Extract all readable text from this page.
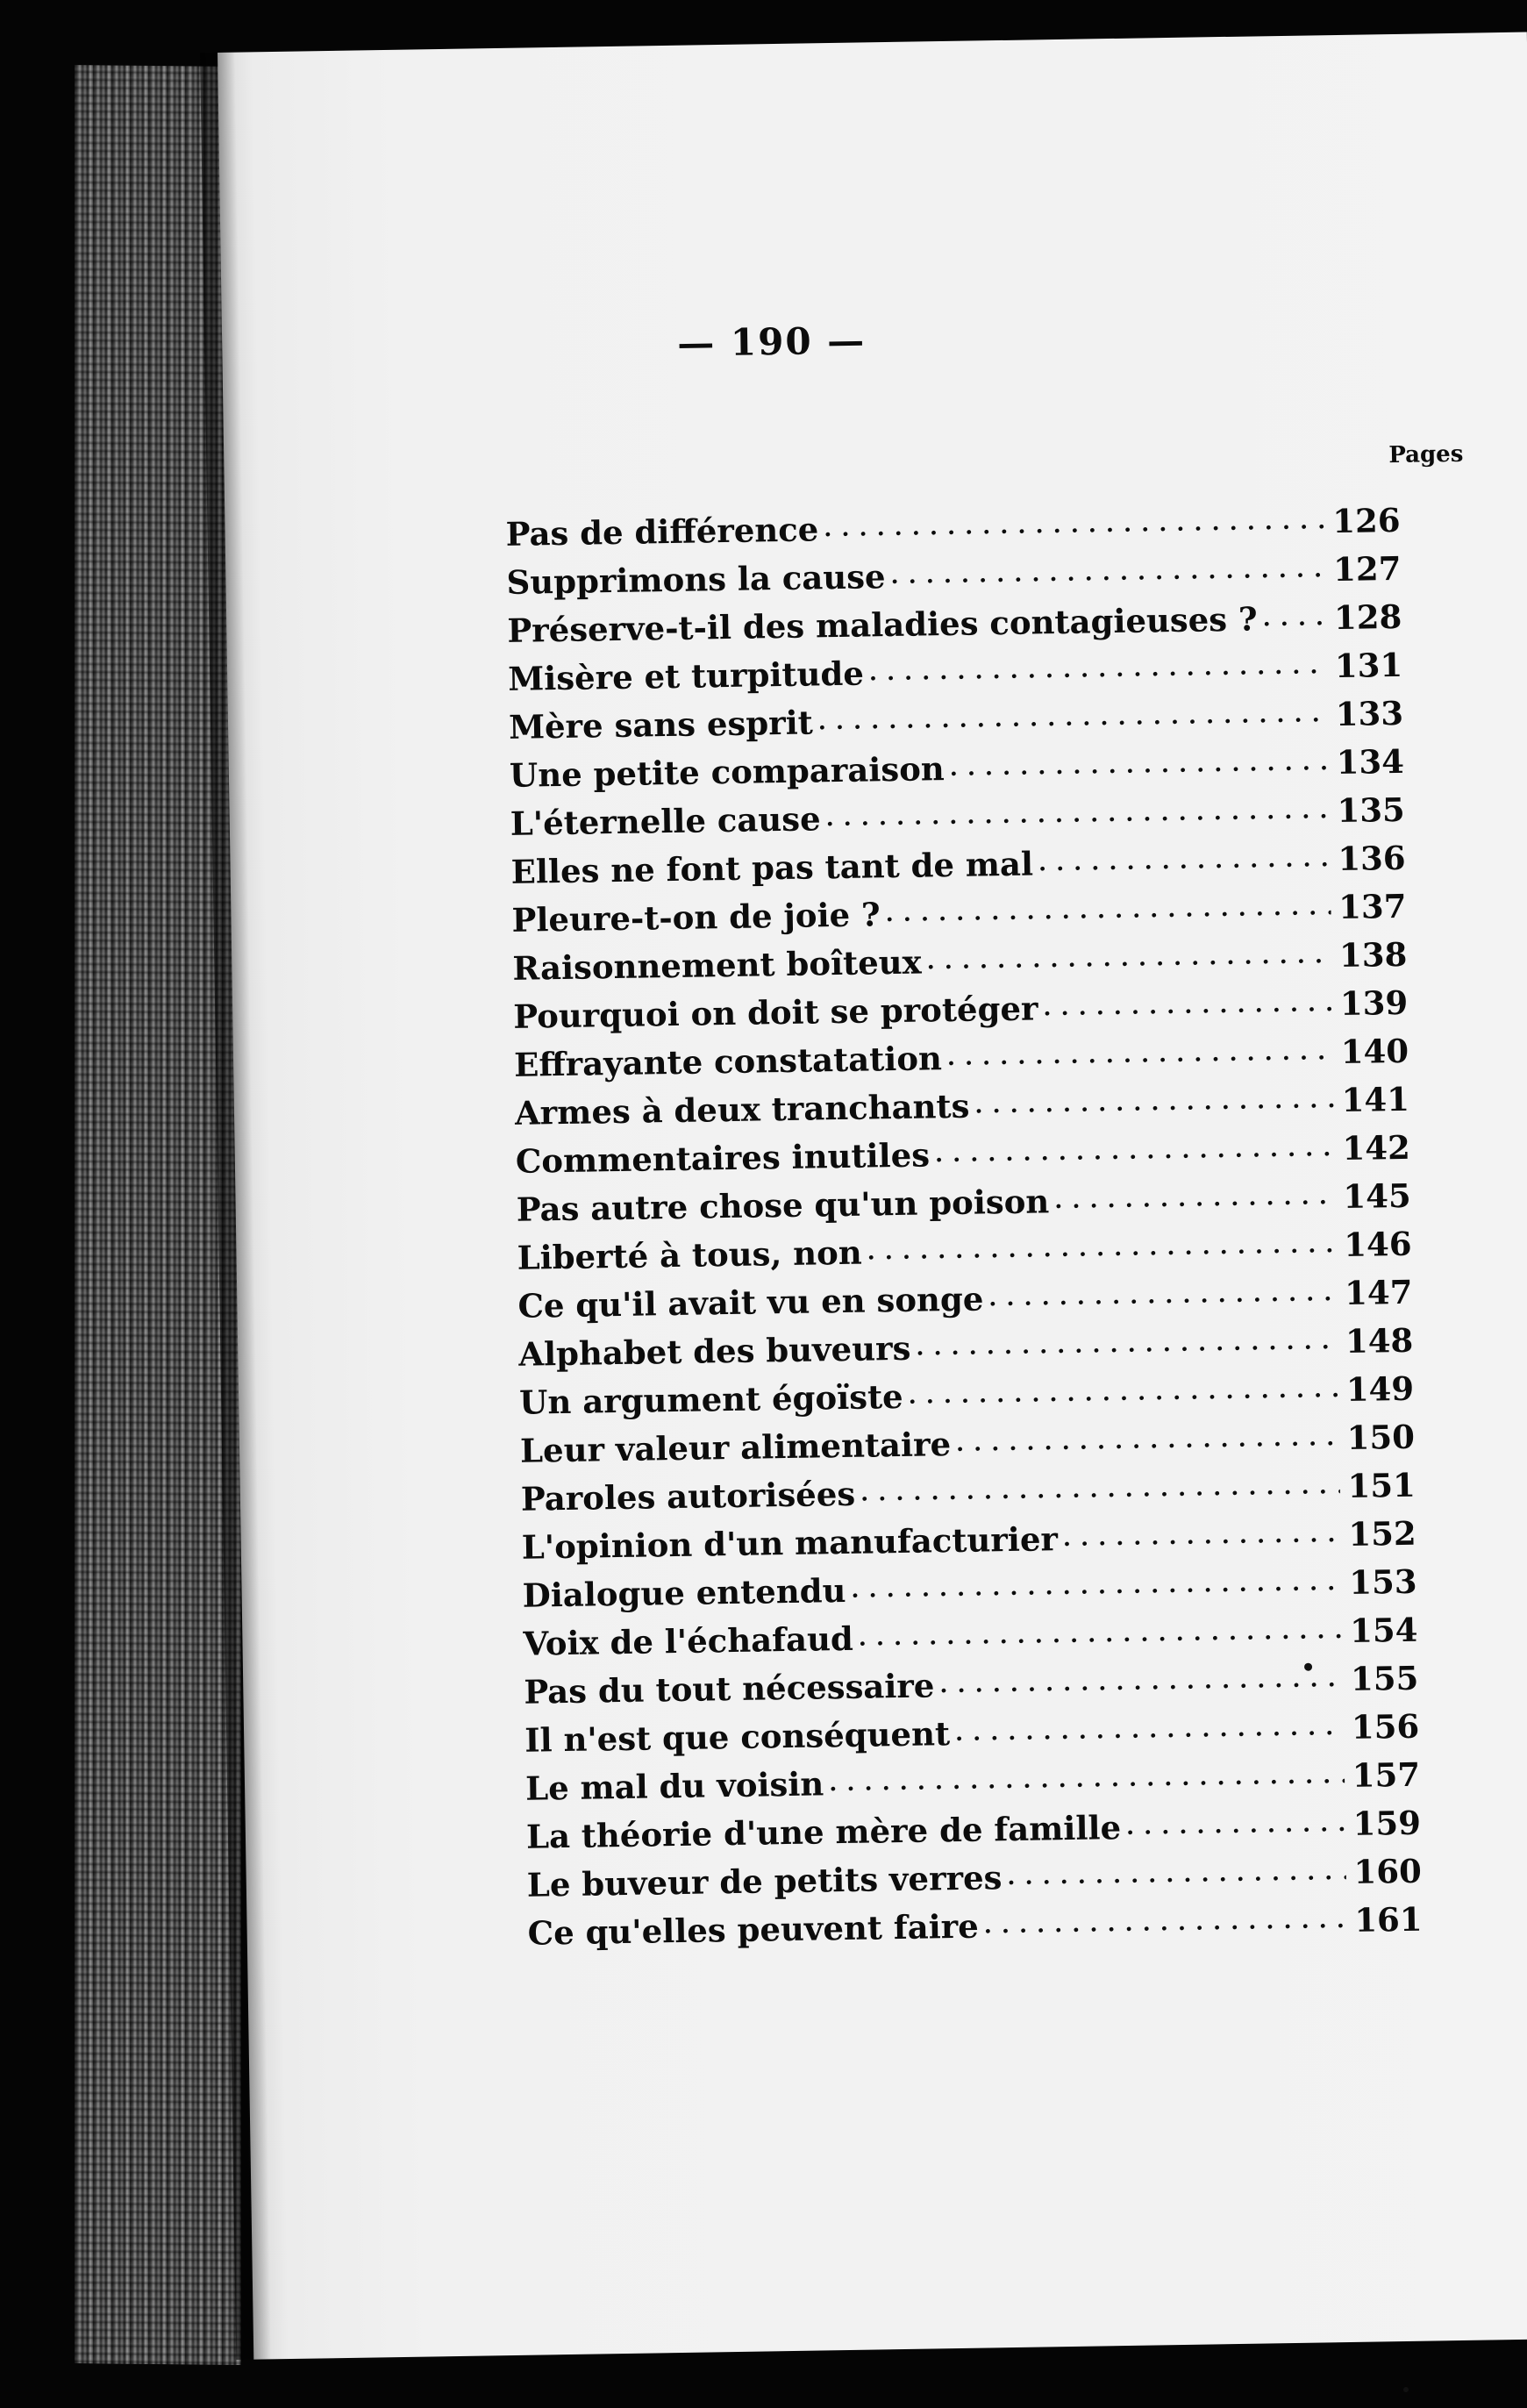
— 190 —
Pages
Pas de différence . . .	126
Supprimons la cause . . .	127
Préserve-t-il des maladies contagieuses ? . . . 128
Misère et turpitude . . .	131
Mère sans esprit . . .	133
Une petite comparaison . . .	134
L'éternelle cause . . .	135
Elles ne font pas tant de mal . . .	136
Pleure-t-on de joie ? . . .	137
Raisonnement boîteux . . .	138
Pourquoi on doit se protéger . . .	139
Effrayante constatation . . .	140
Armes à deux tranchants . . .	141
Commentaires inutiles . . .	142
Pas autre chose qu'un poison . . .	145
Liberté à tous, non . . .	146
Ce qu'il avait vu en songe . . .	147
Alphabet des buveurs . . .	148
Un argument égoïste . . .	149
Leur valeur alimentaire . . .	150
Paroles autorisées . . .	151
L'opinion d'un manufacturier . . .	152
Dialogue entendu . . .	153
Voix de l'échafaud . . .	154
Pas du tout nécessaire . . .	155
Il n'est que conséquent . . .	156
Le mal du voisin . . .	157
La théorie d'une mère de famille . . .	159
Le buveur de petits verres . . .	160
Ce qu'elles peuvent faire . . .	161
